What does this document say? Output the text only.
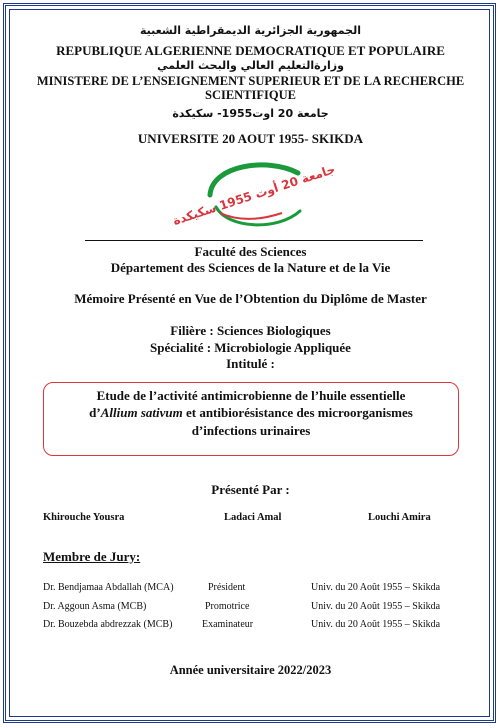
الجمهورية الجزائرية الديمقراطية الشعبية
REPUBLIQUE ALGERIENNE DEMOCRATIQUE ET POPULAIRE
وزارةالتعليم العالي والبحث العلمي
MINISTERE DE L’ENSEIGNEMENT SUPERIEUR ET DE LA RECHERCHE
SCIENTIFIQUE
جامعة 20 اوت1955- سكيكدة
UNIVERSITE 20 AOUT 1955- SKIKDA
جامعة 20 أوت 1955 سكيكدة
Faculté des Sciences
Département des Sciences de la Nature et de la Vie
Mémoire Présenté en Vue de l’Obtention du Diplôme de Master
Filière : Sciences Biologiques
Spécialité : Microbiologie Appliquée
Intitulé :
Etude de l’activité antimicrobienne de l’huile essentielle
d’Allium sativum et antibiorésistance des microorganismes
d’infections urinaires
Présenté Par :
Khirouche Yousra	Ladaci Amal	Louchi Amira
Membre de Jury:
Dr. Bendjamaa Abdallah (MCA)	Président	Univ. du 20 Août 1955 – Skikda
Dr. Aggoun Asma (MCB)	Promotrice	Univ. du 20 Août 1955 – Skikda
Dr. Bouzebda abdrezzak (MCB)	Examinateur	Univ. du 20 Août 1955 – Skikda
Année universitaire 2022/2023
